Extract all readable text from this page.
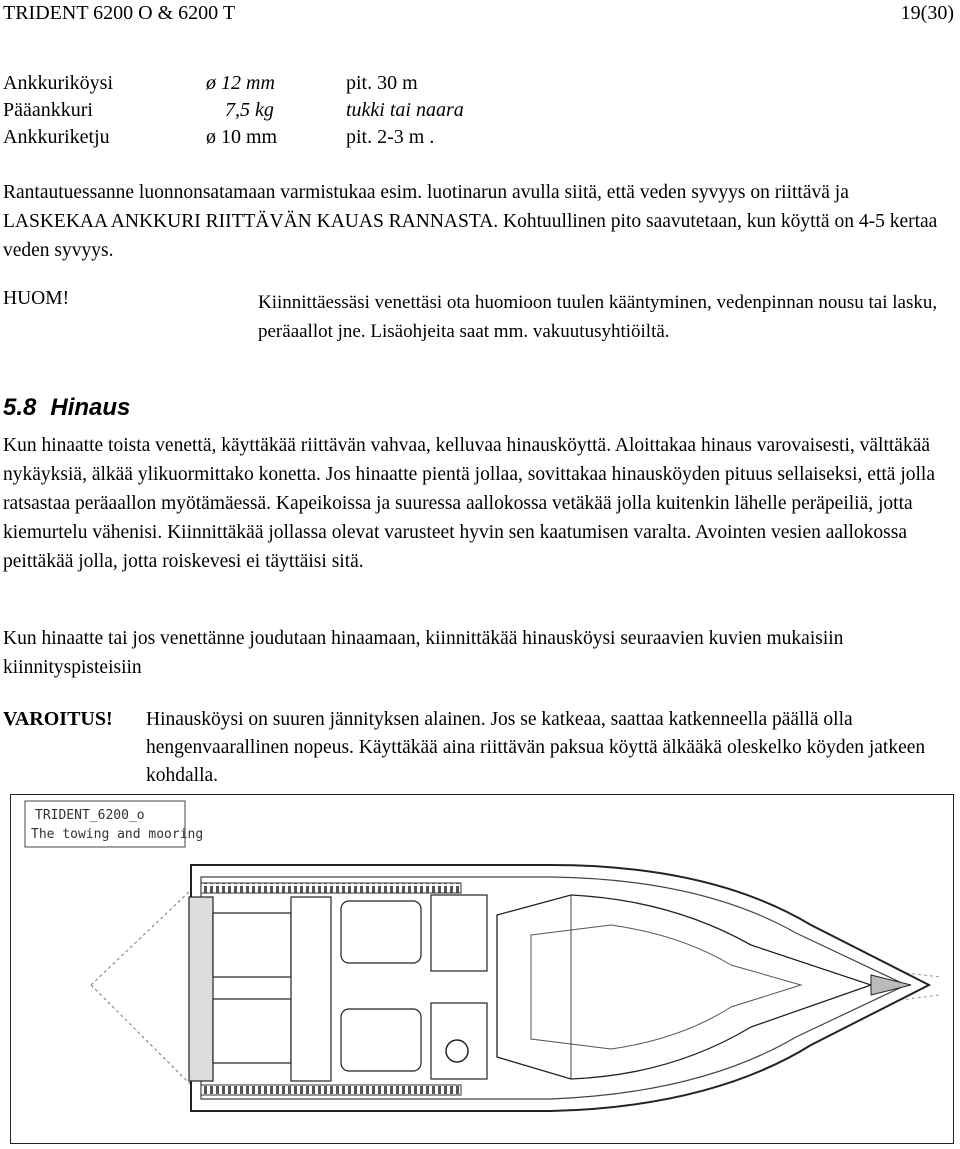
TRIDENT 6200 O & 6200 T	19(30)
Ankkuriköysi	ø 12 mm	pit. 30 m
Pääankkuri	7,5 kg	tukki tai naara
Ankkuriketju	ø 10 mm	pit. 2-3 m .
Rantautuessanne luonnonsatamaan varmistukaa esim. luotinarun avulla siitä, että veden syvyys on riittävä ja LASKEKAA ANKKURI RIITTÄVÄN KAUAS RANNASTA. Kohtuullinen pito saavutetaan, kun köyttä on 4-5 kertaa veden syvyys.
HUOM!	Kiinnittäessäsi venettäsi ota huomioon tuulen kääntyminen, vedenpinnan nousu tai lasku, peräaallot jne. Lisäohjeita saat mm. vakuutusyhtiöiltä.
5.8 Hinaus
Kun hinaatte toista venettä, käyttäkää riittävän vahvaa, kelluvaa hinausköyttä. Aloittakaa hinaus varovaisesti, välttäkää nykäyksiä, älkää ylikuormittako konetta. Jos hinaatte pientä jollaa, sovittakaa hinausköyden pituus sellaiseksi, että jolla ratsastaa peräaallon myötämäessä. Kapeikoissa ja suuressa aallokossa vetäkää jolla kuitenkin lähelle peräpeiliä, jotta kiemurtelu vähenisi. Kiinnittäkää jollassa olevat varusteet hyvin sen kaatumisen varalta. Avointen vesien aallokossa peittäkää jolla, jotta roiskevesi ei täyttäisi sitä.
Kun hinaatte tai jos venettänne joudutaan hinaamaan, kiinnittäkää hinausköysi seuraavien kuvien mukaisiin kiinnityspisteisiin
VAROITUS! Hinausköysi on suuren jännityksen alainen. Jos se katkeaa, saattaa katkenneella päällä olla hengenvaarallinen nopeus. Käyttäkää aina riittävän paksua köyttä älkääkä oleskelko köyden jatkeen kohdalla.
TRIDENT_6200_o
The towing and mooring
